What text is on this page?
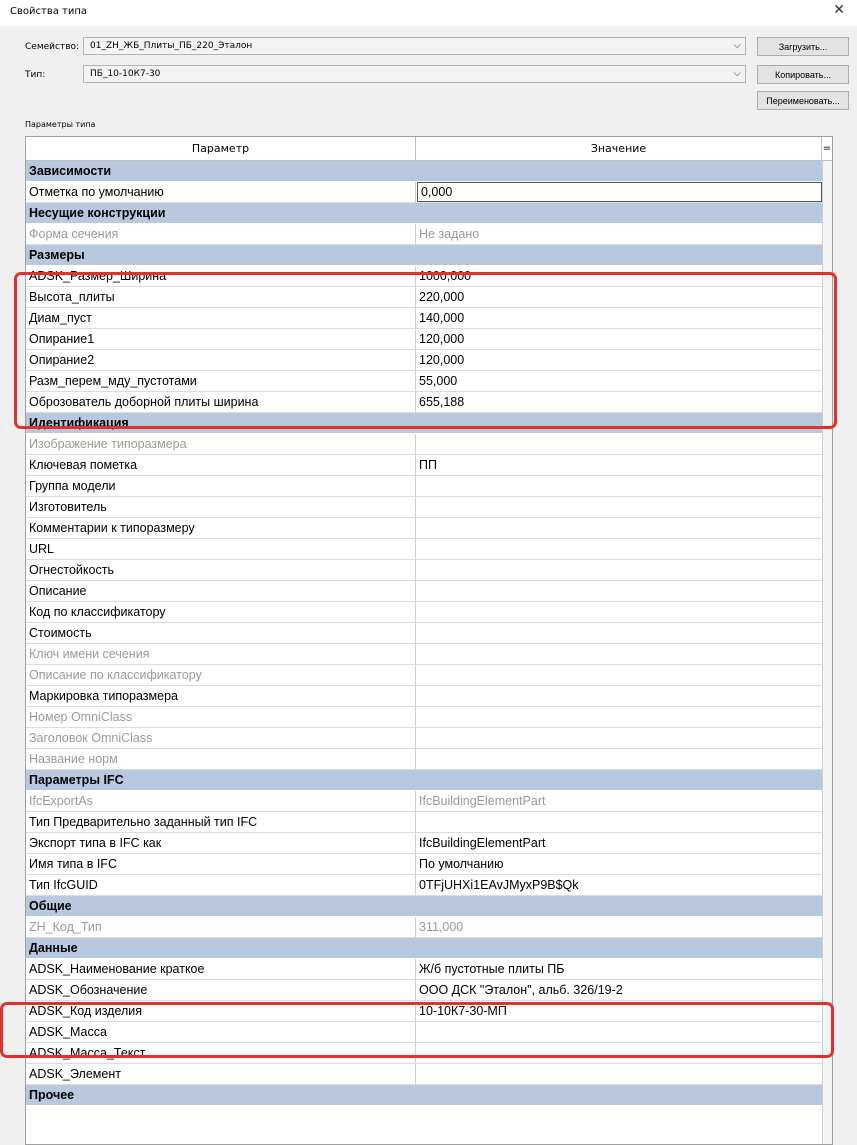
Свойства типа	✕
Семейство: 01_ZH_ЖБ_Плиты_ПБ_220_Эталон	⌵	Загрузить...
Тип:	ПБ_10-10К7-30	⌵	Копировать...
Переименовать...
Параметры типа
Параметр	Значение	=
Зависимости
Отметка по умолчанию	0,000
Несущие конструкции
Форма сечения	Не задано
Размеры
ADSK_Размер_Ширина	1000,000
Высота_плиты	220,000
Диам_пуст	140,000
Опирание1	120,000
Опирание2	120,000
Разм_перем_мду_пустотами	55,000
Оброзователь доборной плиты ширина	655,188
Идентификация
Изображение типоразмера
Ключевая пометка	ПП
Группа модели
Изготовитель
Комментарии к типоразмеру
URL
Огнестойкость
Описание
Код по классификатору
Стоимость
Ключ имени сечения
Описание по классификатору
Маркировка типоразмера
Номер OmniClass
Заголовок OmniClass
Название норм
Параметры IFC
IfcExportAs	IfcBuildingElementPart
Тип Предварительно заданный тип IFC
Экспорт типа в IFC как	IfcBuildingElementPart
Имя типа в IFC	По умолчанию
Тип IfcGUID	0TFjUHXi1EAvJMyxP9B$Qk
Общие
ZH_Код_Тип	311,000
Данные
ADSK_Наименование краткое	Ж/б пустотные плиты ПБ
ADSK_Обозначение	ООО ДСК "Эталон", альб. 326/19-2
ADSK_Код изделия	10-10К7-30-МП
ADSK_Масса
ADSK_Масса_Текст
ADSK_Элемент
Прочее
